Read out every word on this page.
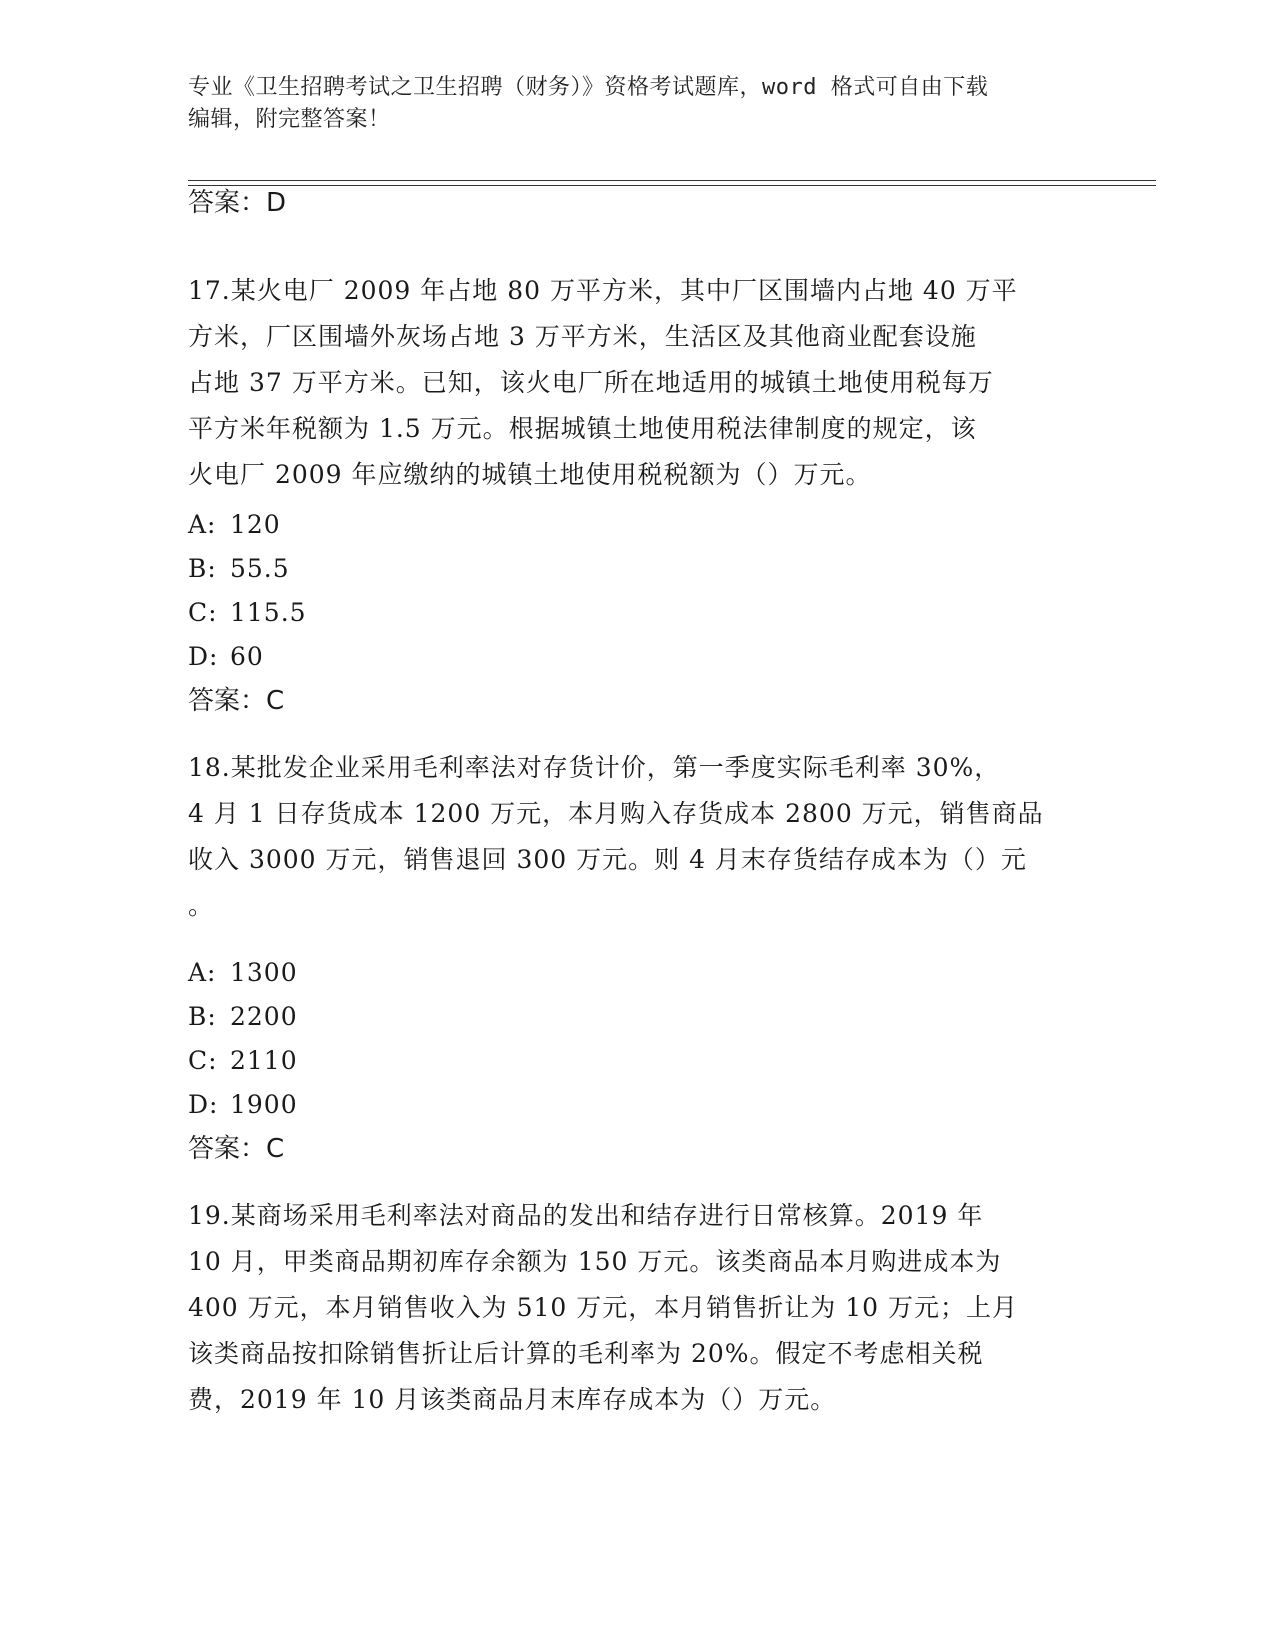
专业《卫生招聘考试之卫生招聘（财务）》资格考试题库，word 格式可自由下载
编辑，附完整答案！
答案：D
17.某火电厂 2009 年占地 80 万平方米，其中厂区围墙内占地 40 万平
方米，厂区围墙外灰场占地 3 万平方米，生活区及其他商业配套设施
占地 37 万平方米。已知，该火电厂所在地适用的城镇土地使用税每万
平方米年税额为 1.5 万元。根据城镇土地使用税法律制度的规定，该
火电厂 2009 年应缴纳的城镇土地使用税税额为（）万元。
A: 120
B: 55.5
C: 115.5
D: 60
答案：C
18.某批发企业采用毛利率法对存货计价，第一季度实际毛利率 30%，
4 月 1 日存货成本 1200 万元，本月购入存货成本 2800 万元，销售商品
收入 3000 万元，销售退回 300 万元。则 4 月末存货结存成本为（）元
。
A: 1300
B: 2200
C: 2110
D: 1900
答案：C
19.某商场采用毛利率法对商品的发出和结存进行日常核算。2019 年
10 月，甲类商品期初库存余额为 150 万元。该类商品本月购进成本为
400 万元，本月销售收入为 510 万元，本月销售折让为 10 万元；上月
该类商品按扣除销售折让后计算的毛利率为 20%。假定不考虑相关税
费，2019 年 10 月该类商品月末库存成本为（）万元。
